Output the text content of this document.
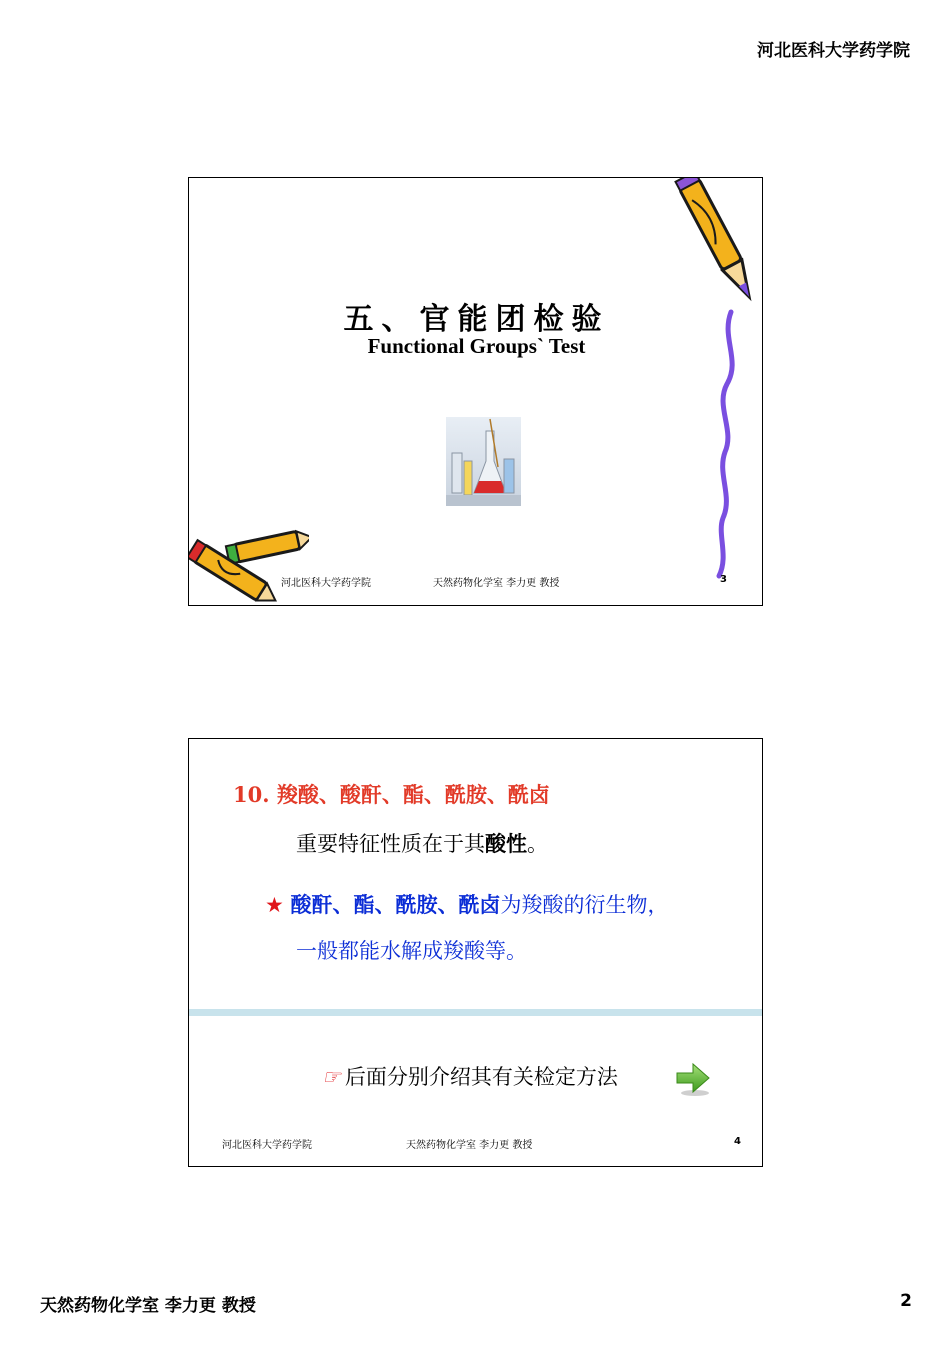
河北医科大学药学院
五、官能团检验
Functional Groups` Test
河北医科大学药学院	天然药物化学室 李力更 教授	3
10. 羧酸、酸酐、酯、酰胺、酰卤
重要特征性质在于其酸性。
★ 酸酐、酯、酰胺、酰卤为羧酸的衍生物，
一般都能水解成羧酸等。
☞ 后面分别介绍其有关检定方法
河北医科大学药学院	天然药物化学室 李力更 教授	4
天然药物化学室 李力更 教授	2
